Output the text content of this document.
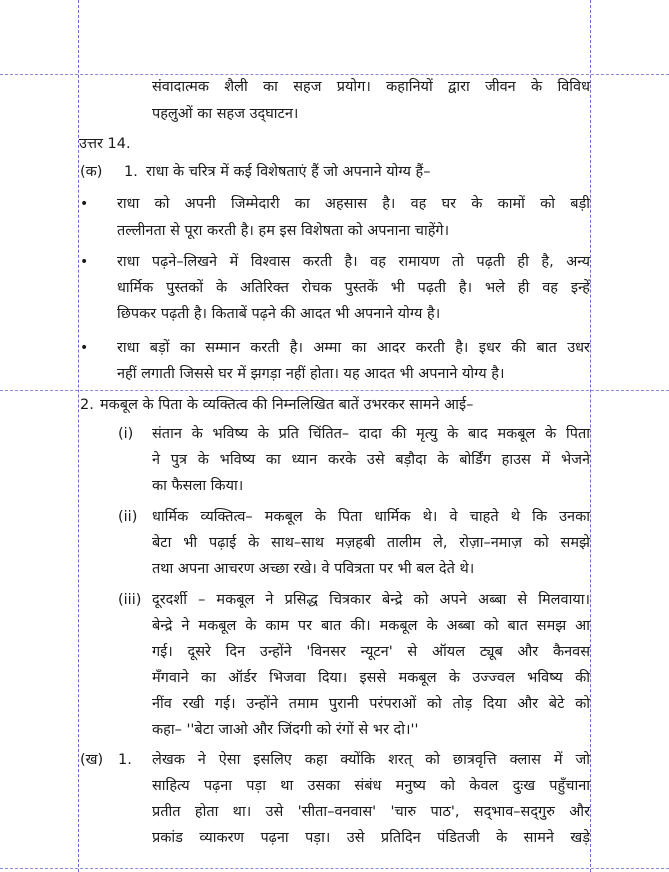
संवादात्मक शैली का सहज प्रयोग। कहानियों द्वारा जीवन के विविध
पहलुओं का सहज उद्‌घाटन।
उत्तर 14.
(क) 1. राधा के चरित्र में कई विशेषताएं हैं जो अपनाने योग्य हैं–
• राधा को अपनी जिम्मेदारी का अहसास है। वह घर के कामों को बड़ी
तल्लीनता से पूरा करती है। हम इस विशेषता को अपनाना चाहेंगे।
• राधा पढ़ने–लिखने में विश्वास करती है। वह रामायण तो पढ़ती ही है, अन्य
धार्मिक पुस्तकों के अतिरिक्त रोचक पुस्तकें भी पढ़ती है। भले ही वह इन्हें
छिपकर पढ़ती है। किताबें पढ़ने की आदत भी अपनाने योग्य है।
• राधा बड़ों का सम्मान करती है। अम्मा का आदर करती है। इधर की बात उधर
नहीं लगाती जिससे घर में झगड़ा नहीं होता। यह आदत भी अपनाने योग्य है।
2. मकबूल के पिता के व्यक्तित्व की निम्नलिखित बातें उभरकर सामने आई–
(i) संतान के भविष्य के प्रति चिंतित– दादा की मृत्यु के बाद मकबूल के पिता
ने पुत्र के भविष्य का ध्यान करके उसे बड़ौदा के बोर्डिंग हाउस में भेजने
का फैसला किया।
(ii) धार्मिक व्यक्तित्व– मकबूल के पिता धार्मिक थे। वे चाहते थे कि उनका
बेटा भी पढ़ाई के साथ–साथ मज़हबी तालीम ले, रोज़ा–नमाज़ को समझे
तथा अपना आचरण अच्छा रखे। वे पवित्रता पर भी बल देते थे।
(iii) दूरदर्शी – मकबूल ने प्रसिद्ध चित्रकार बेन्द्रे को अपने अब्बा से मिलवाया।
बेन्द्रे ने मकबूल के काम पर बात की। मकबूल के अब्बा को बात समझ आ
गई। दूसरे दिन उन्होंने 'विनसर न्यूटन' से ऑयल ट्यूब और कैनवस
मँगवाने का ऑर्डर भिजवा दिया। इससे मकबूल के उज्ज्वल भविष्य की
नींव रखी गई। उन्होंने तमाम पुरानी परंपराओं को तोड़ दिया और बेटे को
कहा– ''बेटा जाओ और जिंदगी को रंगों से भर दो।''
(ख) 1. लेखक ने ऐसा इसलिए कहा क्योंकि शरत् को छात्रवृत्ति क्लास में जो
साहित्य पढ़ना पड़ा था उसका संबंध मनुष्य को केवल दुःख पहुँचाना
प्रतीत होता था। उसे 'सीता–वनवास' 'चारु पाठ', सद्‌भाव–सद्‌गुरु और
प्रकांड व्याकरण पढ़ना पड़ा। उसे प्रतिदिन पंडितजी के सामने खड़े
